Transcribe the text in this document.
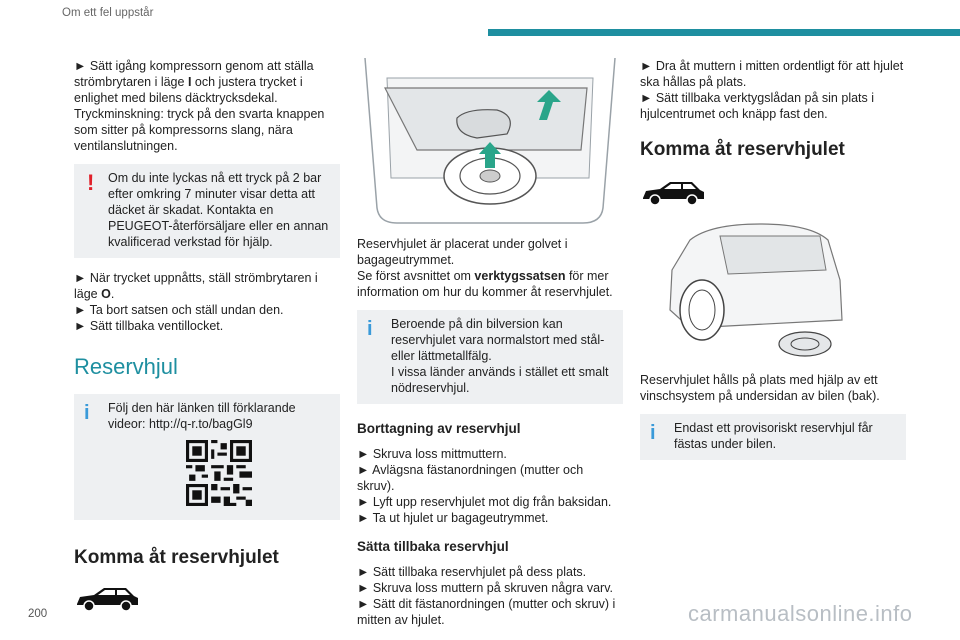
Om ett fel uppstår

► Sätt igång kompressorn genom att ställa strömbrytaren i läge I och justera trycket i enlighet med bilens däcktrycksdekal.

Tryckminskning: tryck på den svarta knappen som sitter på kompressorns slang, nära ventilanslutningen.

! Om du inte lyckas nå ett tryck på 2 bar efter omkring 7 minuter visar detta att däcket är skadat. Kontakta en PEUGEOT-återförsäljare eller en annan kvalificerad verkstad för hjälp.

► När trycket uppnåtts, ställ strömbrytaren i läge O.

► Ta bort satsen och ställ undan den.

► Sätt tillbaka ventillocket.

Reservhjul
i Följ den här länken till förklarande videor: http://q-r.to/bagGl9
Komma åt reservhjulet

Reservhjulet är placerat under golvet i bagageutrymmet.

Se först avsnittet om verktygssatsen för mer information om hur du kommer åt reservhjulet.

i Beroende på din bilversion kan reservhjulet vara normalstort med stål- eller lättmetallfälg.
I vissa länder används i stället ett smalt nödreservhjul.
Borttagning av reservhjul

► Skruva loss mittmuttern.

► Avlägsna fästanordningen (mutter och skruv).

► Lyft upp reservhjulet mot dig från baksidan.

► Ta ut hjulet ur bagageutrymmet.

Sätta tillbaka reservhjul

► Sätt tillbaka reservhjulet på dess plats.

► Skruva loss muttern på skruven några varv.

► Sätt dit fästanordningen (mutter och skruv) i mitten av hjulet.

► Dra åt muttern i mitten ordentligt för att hjulet ska hållas på plats.

► Sätt tillbaka verktygslådan på sin plats i hjulcentrumet och knäpp fast den.

Komma åt reservhjulet

Reservhjulet hålls på plats med hjälp av ett vinschsystem på undersidan av bilen (bak).

i Endast ett provisoriskt reservhjul får fästas under bilen.
200	carmanualsonline.info
